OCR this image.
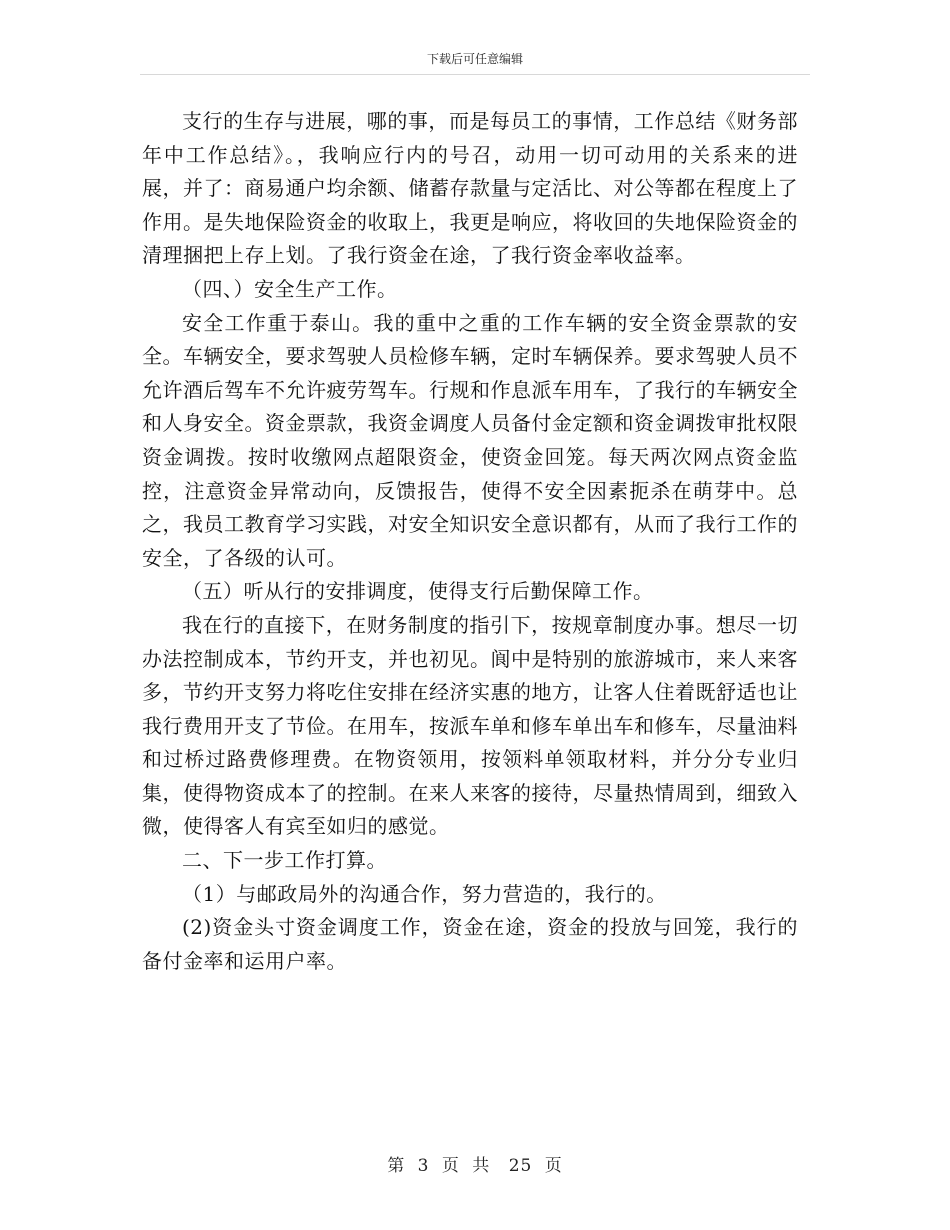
下载后可任意编辑

支行的生存与进展，哪的事，而是每员工的事情，工作总结《财务部年中工作总结》。，我响应行内的号召，动用一切可动用的关系来的进展，并了：商易通户均余额、储蓄存款量与定活比、对公等都在程度上了作用。是失地保险资金的收取上，我更是响应，将收回的失地保险资金的清理捆把上存上划。了我行资金在途，了我行资金率收益率。

（四、）安全生产工作。

安全工作重于泰山。我的重中之重的工作车辆的安全资金票款的安全。车辆安全，要求驾驶人员检修车辆，定时车辆保养。要求驾驶人员不允许酒后驾车不允许疲劳驾车。行规和作息派车用车，了我行的车辆安全和人身安全。资金票款，我资金调度人员备付金定额和资金调拨审批权限资金调拨。按时收缴网点超限资金，使资金回笼。每天两次网点资金监控，注意资金异常动向，反馈报告，使得不安全因素扼杀在萌芽中。总之，我员工教育学习实践，对安全知识安全意识都有，从而了我行工作的安全，了各级的认可。

（五）听从行的安排调度，使得支行后勤保障工作。

我在行的直接下，在财务制度的指引下，按规章制度办事。想尽一切办法控制成本，节约开支，并也初见。阆中是特别的旅游城市，来人来客多，节约开支努力将吃住安排在经济实惠的地方，让客人住着既舒适也让我行费用开支了节俭。在用车，按派车单和修车单出车和修车，尽量油料和过桥过路费修理费。在物资领用，按领料单领取材料，并分分专业归集，使得物资成本了的控制。在来人来客的接待，尽量热情周到，细致入微，使得客人有宾至如归的感觉。

二、下一步工作打算。

（1）与邮政局外的沟通合作，努力营造的，我行的。

(2)资金头寸资金调度工作，资金在途，资金的投放与回笼，我行的备付金率和运用户率。

第 3 页 共 25 页
